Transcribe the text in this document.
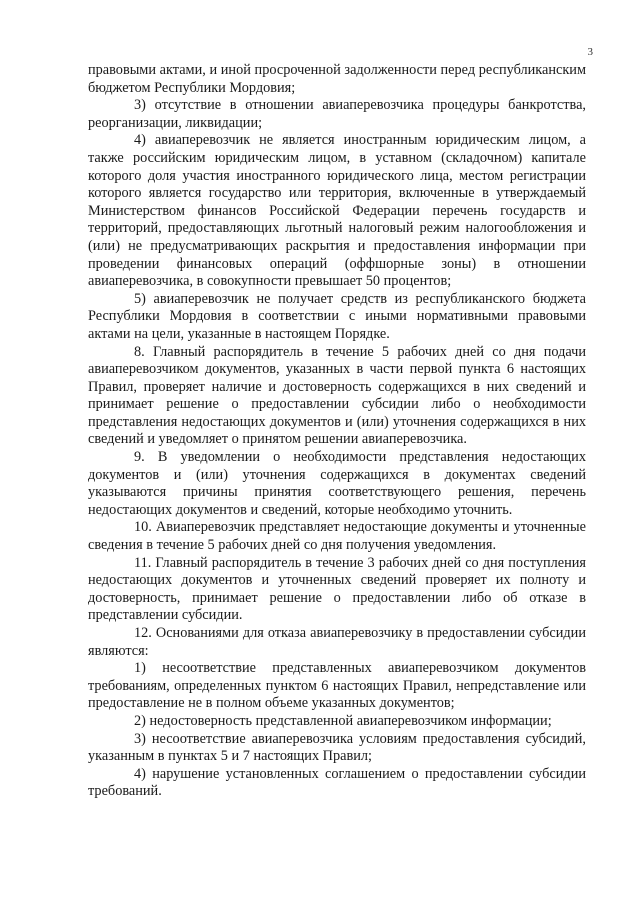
3

правовыми актами, и иной просроченной задолженности перед республиканским бюджетом Республики Мордовия;

3) отсутствие в отношении авиаперевозчика процедуры банкротства, реорганизации, ликвидации;

4) авиаперевозчик не является иностранным юридическим лицом, а также российским юридическим лицом, в уставном (складочном) капитале которого доля участия иностранного юридического лица, местом регистрации которого является государство или территория, включенные в утверждаемый Министерством финансов Российской Федерации перечень государств и территорий, предоставляющих льготный налоговый режим налогообложения и (или) не предусматривающих раскрытия и предоставления информации при проведении финансовых операций (оффшорные зоны) в отношении авиаперевозчика, в совокупности превышает 50 процентов;

5) авиаперевозчик не получает средств из республиканского бюджета Республики Мордовия в соответствии с иными нормативными правовыми актами на цели, указанные в настоящем Порядке.

8. Главный распорядитель в течение 5 рабочих дней со дня подачи авиаперевозчиком документов, указанных в части первой пункта 6 настоящих Правил, проверяет наличие и достоверность содержащихся в них сведений и принимает решение о предоставлении субсидии либо о необходимости представления недостающих документов и (или) уточнения содержащихся в них сведений и уведомляет о принятом решении авиаперевозчика.

9. В уведомлении о необходимости представления недостающих документов и (или) уточнения содержащихся в документах сведений указываются причины принятия соответствующего решения, перечень недостающих документов и сведений, которые необходимо уточнить.

10. Авиаперевозчик представляет недостающие документы и уточненные сведения в течение 5 рабочих дней со дня получения уведомления.

11. Главный распорядитель в течение 3 рабочих дней со дня поступления недостающих документов и уточненных сведений проверяет их полноту и достоверность, принимает решение о предоставлении либо об отказе в представлении субсидии.

12. Основаниями для отказа авиаперевозчику в предоставлении субсидии являются:

1) несоответствие представленных авиаперевозчиком документов требованиям, определенных пунктом 6 настоящих Правил, непредставление или предоставление не в полном объеме указанных документов;

2) недостоверность представленной авиаперевозчиком информации;

3) несоответствие авиаперевозчика условиям предоставления субсидий, указанным в пунктах 5 и 7 настоящих Правил;

4) нарушение установленных соглашением о предоставлении субсидии требований.
